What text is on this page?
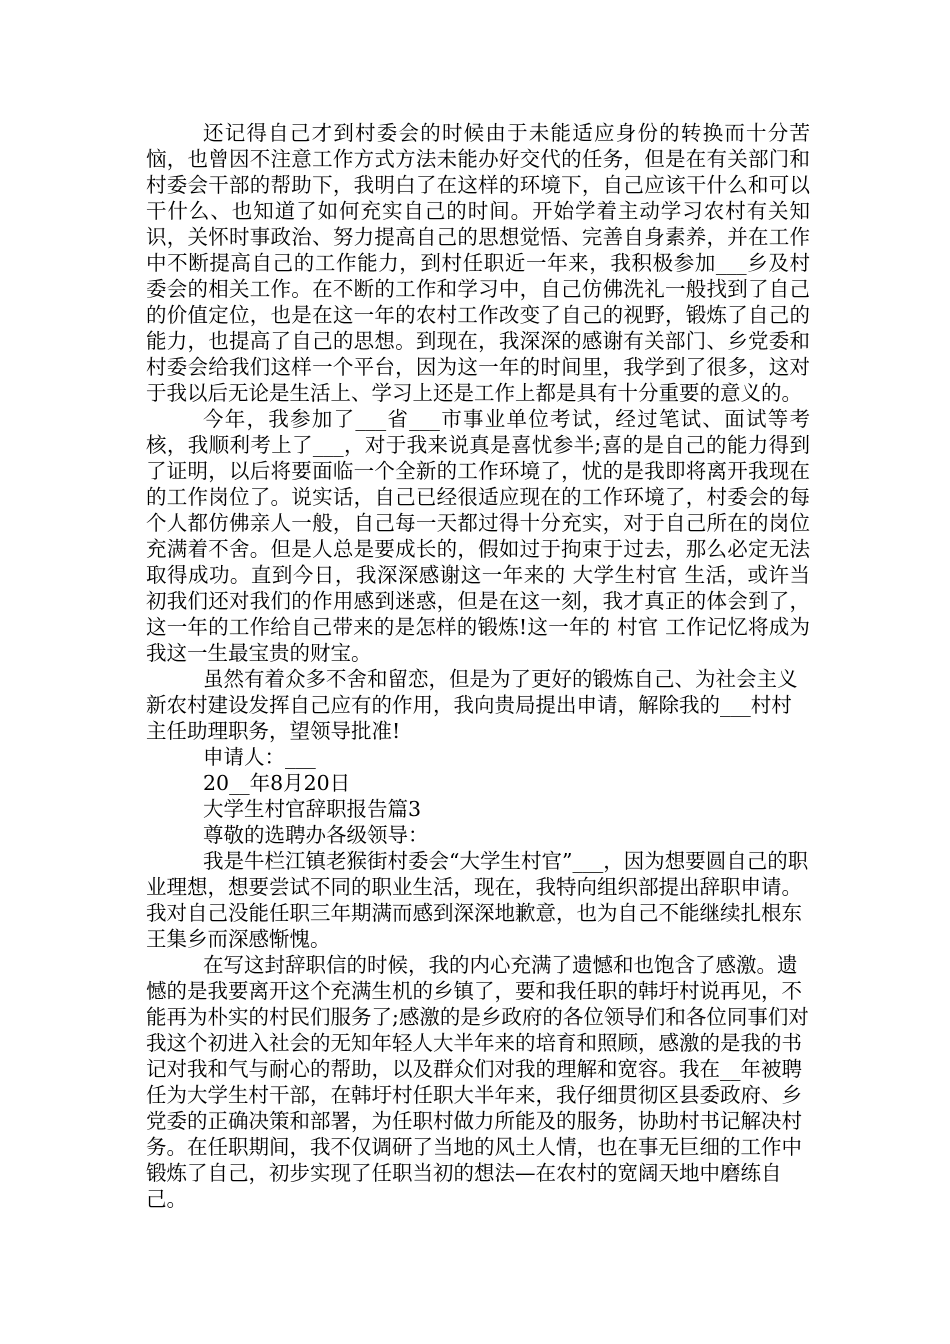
还记得自己才到村委会的时候由于未能适应身份的转换而十分苦恼，也曾因不注意工作方式方法未能办好交代的任务，但是在有关部门和村委会干部的帮助下，我明白了在这样的环境下，自己应该干什么和可以干什么、也知道了如何充实自己的时间。开始学着主动学习农村有关知识，关怀时事政治、努力提高自己的思想觉悟、完善自身素养，并在工作中不断提高自己的工作能力，到村任职近一年来，我积极参加___乡及村委会的相关工作。在不断的工作和学习中，自己仿佛洗礼一般找到了自己的价值定位，也是在这一年的农村工作改变了自己的视野，锻炼了自己的能力，也提高了自己的思想。到现在，我深深的感谢有关部门、乡党委和村委会给我们这样一个平台，因为这一年的时间里，我学到了很多，这对于我以后无论是生活上、学习上还是工作上都是具有十分重要的意义的。

今年，我参加了___省___市事业单位考试，经过笔试、面试等考核，我顺利考上了___，对于我来说真是喜忧参半;喜的是自己的能力得到了证明，以后将要面临一个全新的工作环境了，忧的是我即将离开我现在的工作岗位了。说实话，自己已经很适应现在的工作环境了，村委会的每个人都仿佛亲人一般，自己每一天都过得十分充实，对于自己所在的岗位充满着不舍。但是人总是要成长的，假如过于拘束于过去，那么必定无法取得成功。直到今日，我深深感谢这一年来的 大学生村官 生活，或许当初我们还对我们的作用感到迷惑，但是在这一刻，我才真正的体会到了，这一年的工作给自己带来的是怎样的锻炼!这一年的 村官 工作记忆将成为我这一生最宝贵的财宝。

虽然有着众多不舍和留恋，但是为了更好的锻炼自己、为社会主义新农村建设发挥自己应有的作用，我向贵局提出申请，解除我的___村村主任助理职务，望领导批准!

申请人：___

20__年8月20日

大学生村官辞职报告篇3

尊敬的选聘办各级领导：

我是牛栏江镇老猴街村委会“大学生村官”___，因为想要圆自己的职业理想，想要尝试不同的职业生活，现在，我特向组织部提出辞职申请。我对自己没能任职三年期满而感到深深地歉意，也为自己不能继续扎根东王集乡而深感惭愧。

在写这封辞职信的时候，我的内心充满了遗憾和也饱含了感激。遗憾的是我要离开这个充满生机的乡镇了，要和我任职的韩圩村说再见，不能再为朴实的村民们服务了;感激的是乡政府的各位领导们和各位同事们对我这个初进入社会的无知年轻人大半年来的培育和照顾，感激的是我的书记对我和气与耐心的帮助，以及群众们对我的理解和宽容。我在__年被聘任为大学生村干部，在韩圩村任职大半年来，我仔细贯彻区县委政府、乡党委的正确决策和部署，为任职村做力所能及的服务，协助村书记解决村务。在任职期间，我不仅调研了当地的风土人情，也在事无巨细的工作中锻炼了自己，初步实现了任职当初的想法—在农村的宽阔天地中磨练自己。
